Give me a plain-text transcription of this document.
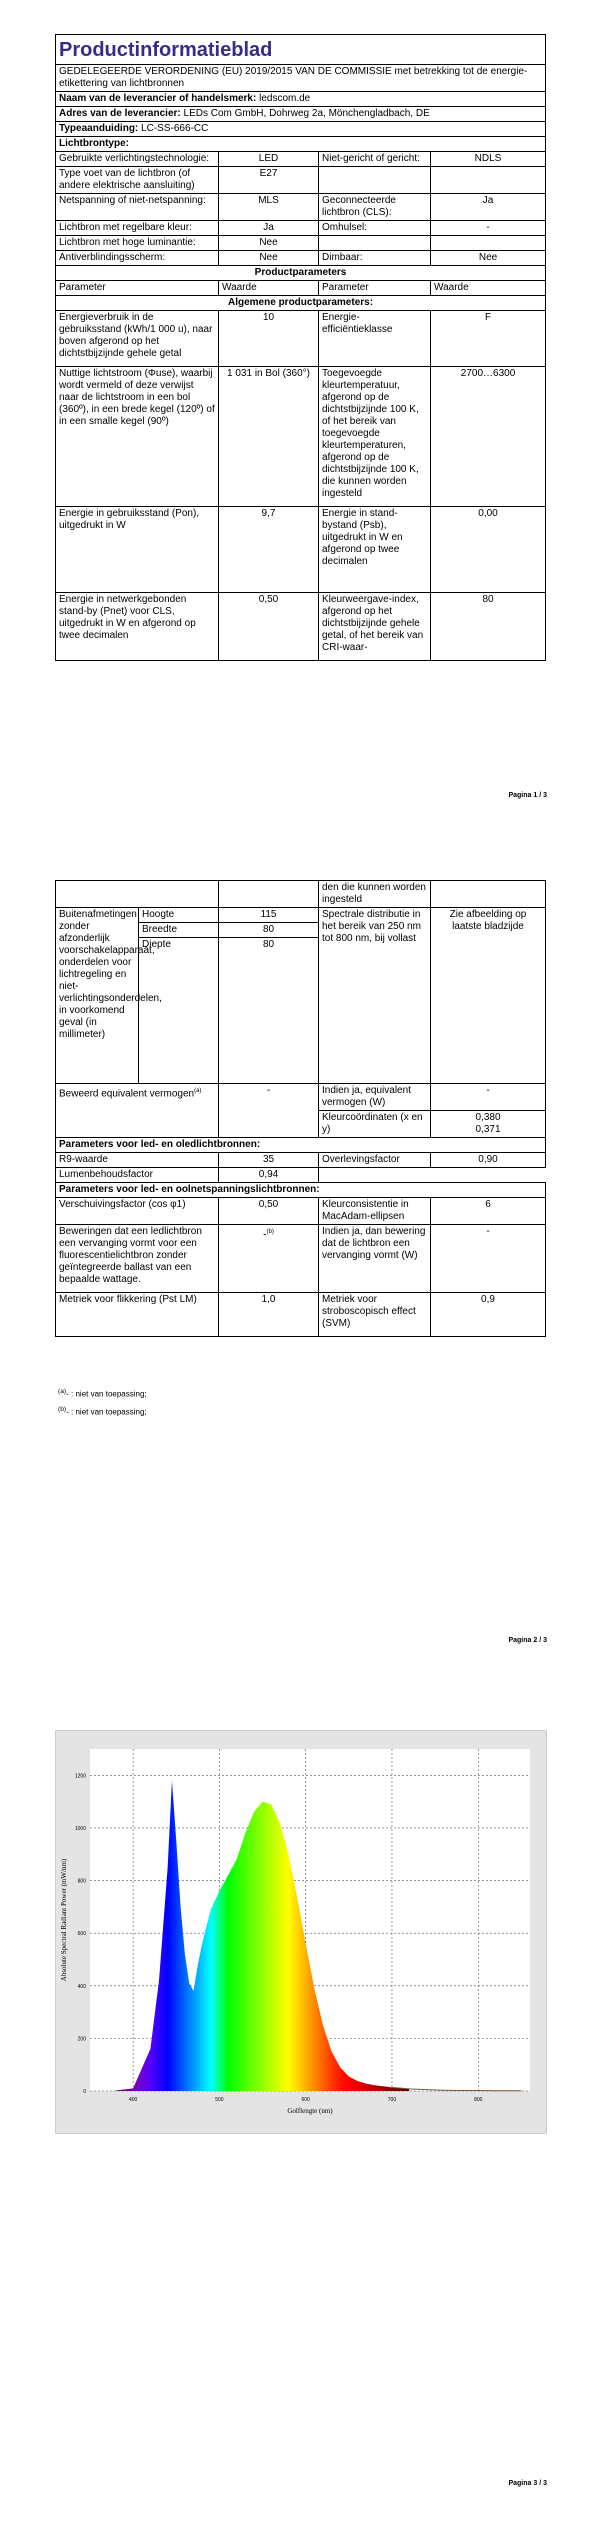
Productinformatieblad			
GEDELEGEERDE VERORDENING (EU) 2019/2015 VAN DE COMMISSIE met betrekking tot de energie-etikettering van lichtbronnen			
Naam van de leverancier of handelsmerk: ledscom.de			
Adres van de leverancier: LEDs Com GmbH, Dohrweg 2a, Mönchengladbach, DE			
Typeaanduiding: LC-SS-666-CC			
Lichtbrontype:			
Gebruikte verlichtingstechnologie:	LED	Niet-gericht of gericht:	NDLS
Type voet van de lichtbron (of andere elektrische aansluiting)	E27		
Netspanning of niet-netspanning:	MLS	Geconnecteerde lichtbron (CLS):	Ja
Lichtbron met regelbare kleur:	Ja	Omhulsel:	-
Lichtbron met hoge luminantie:	Nee		
Antiverblindingsscherm:	Nee	Dimbaar:	Nee
Productparameters			
Parameter	Waarde	Parameter	Waarde
Algemene productparameters:			
Energieverbruik in de gebruiksstand (kWh/1 000 u), naar boven afgerond op het dichtstbijzijnde gehele getal	10	Energie-efficiëntieklasse	F
Nuttige lichtstroom (Φuse), waarbij wordt vermeld of deze verwijst naar de lichtstroom in een bol (360º), in een brede kegel (120º) of in een smalle kegel (90º)	1 031 in Bol (360°)	Toegevoegde kleurtemperatuur, afgerond op de dichtstbijzijnde 100 K, of het bereik van toegevoegde kleurtemperaturen, afgerond op de dichtstbijzijnde 100 K, die kunnen worden ingesteld	2700…6300
Energie in gebruiksstand (Pon), uitgedrukt in W	9,7	Energie in stand-bystand (Psb), uitgedrukt in W en afgerond op twee decimalen	0,00
Energie in netwerkgebonden stand-by (Pnet) voor CLS, uitgedrukt in W en afgerond op twee decimalen	0,50	Kleurweergave-index, afgerond op het dichtstbijzijnde gehele getal, of het bereik van CRI-waar-	80
Pagina 1 / 3
			den die kunnen worden ingesteld	
Buitenafmetingen zonder afzonderlijk voorschakelapparaat, onderdelen voor lichtregeling en niet-verlichtingsonderdelen, in voorkomend geval (in millimeter)	Hoogte	115	Spectrale distributie in het bereik van 250 nm tot 800 nm, bij vollast	Zie afbeelding op laatste bladzijde
	Breedte	80		
	Diepte	80		
Beweerd equivalent vermogen$^{(a)}$		-	Indien ja, equivalent vermogen (W)	-
			Kleurcoördinaten (x en y)	0,380
0,371

Parameters voor led- en oledlichtbronnen:				
R9-waarde		35	Overlevingsfactor	0,90
Lumenbehoudsfactor		0,94		
Parameters voor led- en oolnetspanningslichtbronnen:				
Verschuivingsfactor (cos φ1)		0,50	Kleurconsistentie in MacAdam-ellipsen	6
Beweringen dat een ledlichtbron een vervanging vormt voor een fluorescentielichtbron zonder geïntegreerde ballast van een bepaalde wattage.		-$^{(b)}$	Indien ja, dan bewering dat de lichtbron een vervanging vormt (W)	-
Metriek voor flikkering (Pst LM)		1,0	Metriek voor stroboscopisch effect (SVM)	0,9
$^{(a)}$- : niet van toepassing;
$^{(b)}$- : niet van toepassing;
Pagina 2 / 3
400	500	600	700	800
0
200
400
600
800
1000
1200
Golflengte (nm)
Absolute Spectral Radiant Power (mW/nm)
Pagina 3 / 3
